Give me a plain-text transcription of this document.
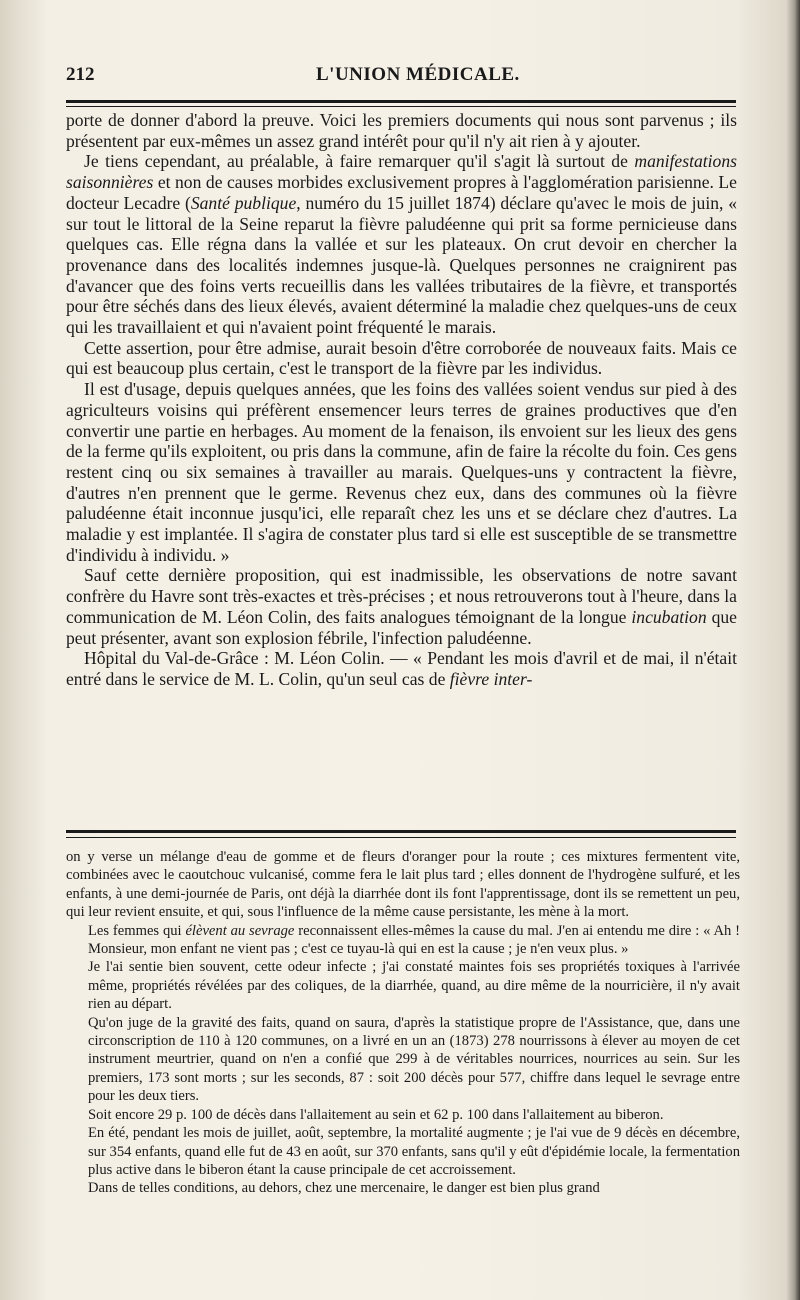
212	L'UNION MÉDICALE.

porte de donner d'abord la preuve. Voici les premiers documents qui nous sont parvenus ; ils présentent par eux-mêmes un assez grand intérêt pour qu'il n'y ait rien à y ajouter.

Je tiens cependant, au préalable, à faire remarquer qu'il s'agit là surtout de manifestations saisonnières et non de causes morbides exclusivement propres à l'agglomération parisienne. Le docteur Lecadre (Santé publique, numéro du 15 juillet 1874) déclare qu'avec le mois de juin, « sur tout le littoral de la Seine reparut la fièvre paludéenne qui prit sa forme pernicieuse dans quelques cas. Elle régna dans la vallée et sur les plateaux. On crut devoir en chercher la provenance dans des localités indemnes jusque-là. Quelques personnes ne craignirent pas d'avancer que des foins verts recueillis dans les vallées tributaires de la fièvre, et transportés pour être séchés dans des lieux élevés, avaient déterminé la maladie chez quelques-uns de ceux qui les travaillaient et qui n'avaient point fréquenté le marais.

Cette assertion, pour être admise, aurait besoin d'être corroborée de nouveaux faits. Mais ce qui est beaucoup plus certain, c'est le transport de la fièvre par les individus.

Il est d'usage, depuis quelques années, que les foins des vallées soient vendus sur pied à des agriculteurs voisins qui préfèrent ensemencer leurs terres de graines productives que d'en convertir une partie en herbages. Au moment de la fenaison, ils envoient sur les lieux des gens de la ferme qu'ils exploitent, ou pris dans la commune, afin de faire la récolte du foin. Ces gens restent cinq ou six semaines à travailler au marais. Quelques-uns y contractent la fièvre, d'autres n'en prennent que le germe. Revenus chez eux, dans des communes où la fièvre paludéenne était inconnue jusqu'ici, elle reparaît chez les uns et se déclare chez d'autres. La maladie y est implantée. Il s'agira de constater plus tard si elle est susceptible de se transmettre d'individu à individu. »

Sauf cette dernière proposition, qui est inadmissible, les observations de notre savant confrère du Havre sont très-exactes et très-précises ; et nous retrouverons tout à l'heure, dans la communication de M. Léon Colin, des faits analogues témoignant de la longue incubation que peut présenter, avant son explosion fébrile, l'infection paludéenne.

Hôpital du Val-de-Grâce : M. Léon Colin. — « Pendant les mois d'avril et de mai, il n'était entré dans le service de M. L. Colin, qu'un seul cas de fièvre inter-

on y verse un mélange d'eau de gomme et de fleurs d'oranger pour la route ; ces mixtures fermentent vite, combinées avec le caoutchouc vulcanisé, comme fera le lait plus tard ; elles donnent de l'hydrogène sulfuré, et les enfants, à une demi-journée de Paris, ont déjà la diarrhée dont ils font l'apprentissage, dont ils se remettent un peu, qui leur revient ensuite, et qui, sous l'influence de la même cause persistante, les mène à la mort.

Les femmes qui élèvent au sevrage reconnaissent elles-mêmes la cause du mal. J'en ai entendu me dire : « Ah ! Monsieur, mon enfant ne vient pas ; c'est ce tuyau-là qui en est la cause ; je n'en veux plus. »

Je l'ai sentie bien souvent, cette odeur infecte ; j'ai constaté maintes fois ses propriétés toxiques à l'arrivée même, propriétés révélées par des coliques, de la diarrhée, quand, au dire même de la nourricière, il n'y avait rien au départ.

Qu'on juge de la gravité des faits, quand on saura, d'après la statistique propre de l'Assistance, que, dans une circonscription de 110 à 120 communes, on a livré en un an (1873) 278 nourrissons à élever au moyen de cet instrument meurtrier, quand on n'en a confié que 299 à de véritables nourrices, nourrices au sein. Sur les premiers, 173 sont morts ; sur les seconds, 87 : soit 200 décès pour 577, chiffre dans lequel le sevrage entre pour les deux tiers.

Soit encore 29 p. 100 de décès dans l'allaitement au sein et 62 p. 100 dans l'allaitement au biberon.

En été, pendant les mois de juillet, août, septembre, la mortalité augmente ; je l'ai vue de 9 décès en décembre, sur 354 enfants, quand elle fut de 43 en août, sur 370 enfants, sans qu'il y eût d'épidémie locale, la fermentation plus active dans le biberon étant la cause principale de cet accroissement.

Dans de telles conditions, au dehors, chez une mercenaire, le danger est bien plus grand
